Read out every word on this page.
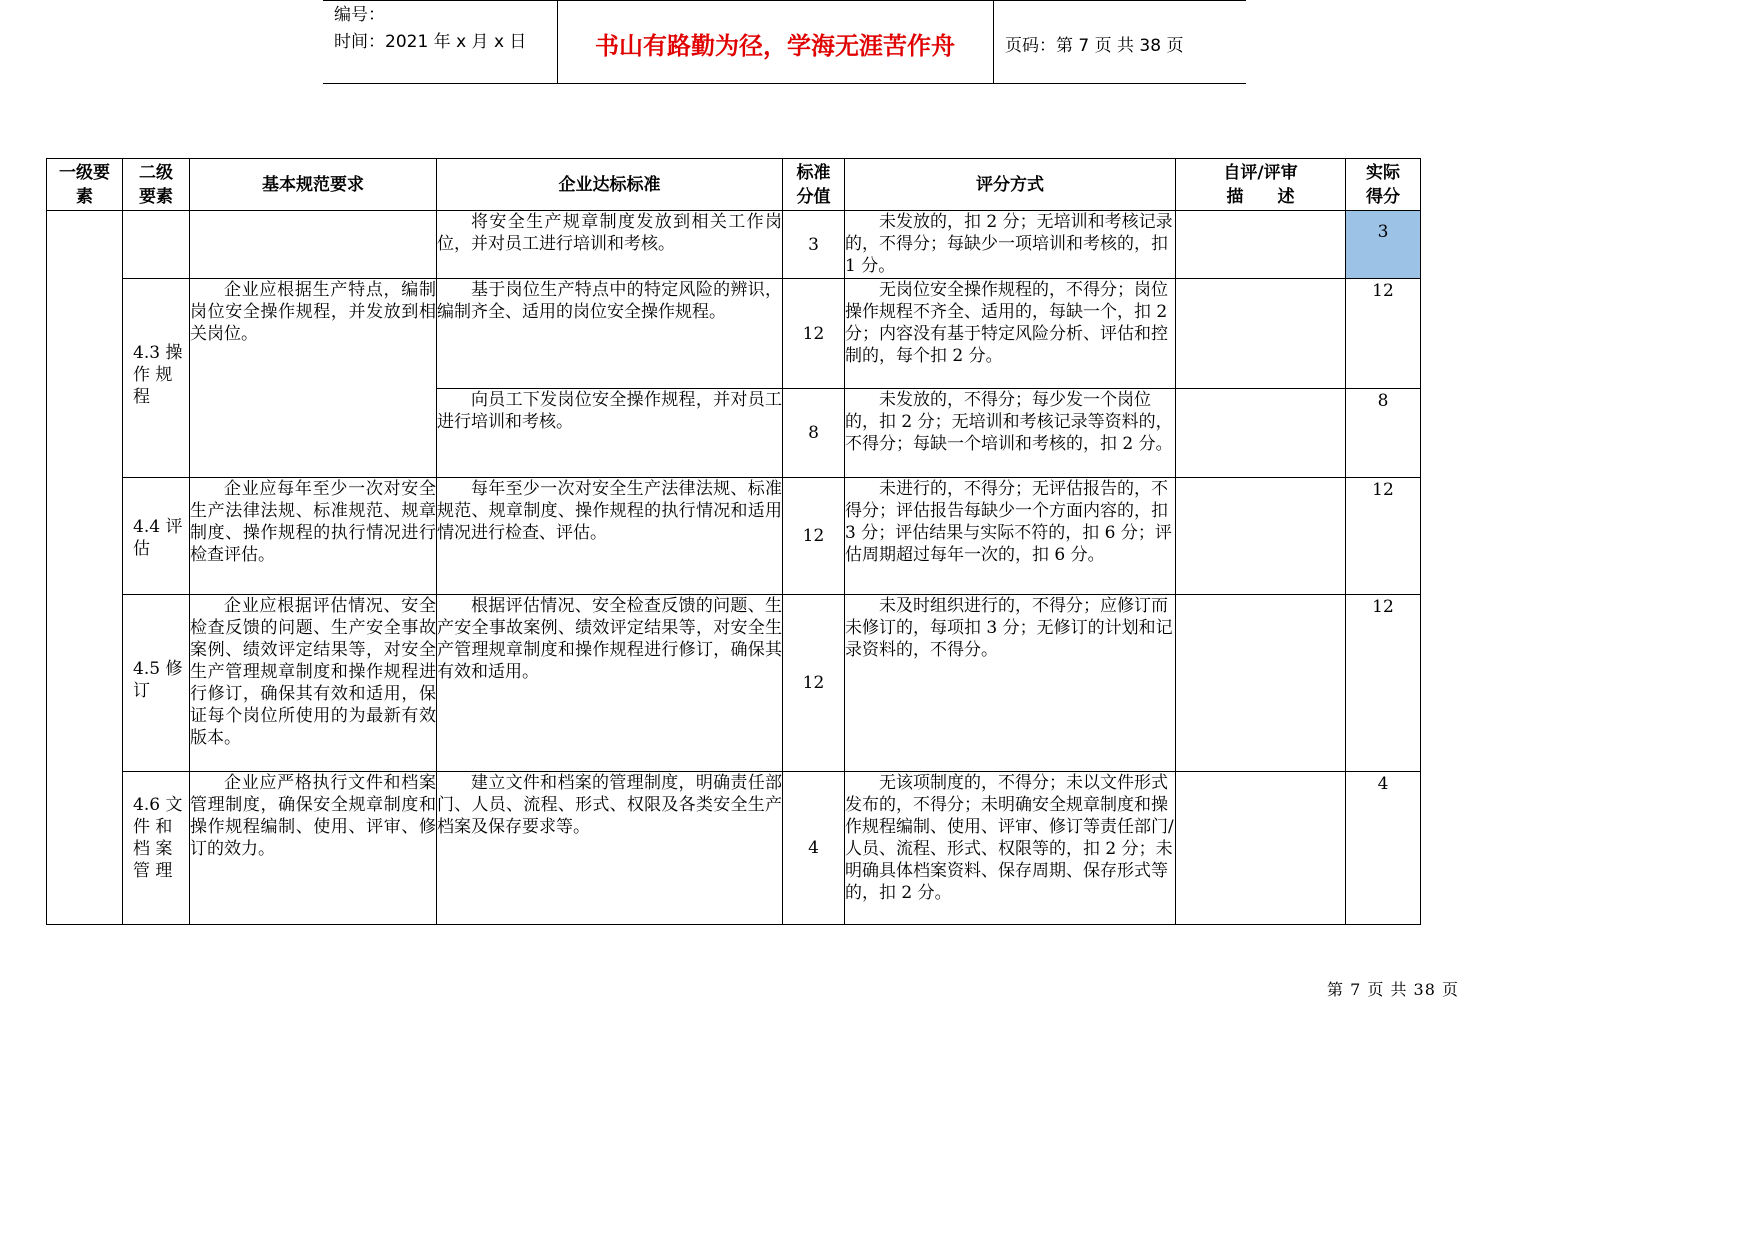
编号：
时间：2021 年 x 月 x 日	书山有路勤为径，学海无涯苦作舟	页码：第 7 页 共 38 页
一级要素	二级要素	基本规范要求	企业达标标准	标准分值	评分方式	自评/评审描　　述	实际得分
			将安全生产规章制度发放到相关工作岗位，并对员工进行培训和考核。	3	未发放的，扣 2 分；无培训和考核记录的，不得分；每缺少一项培训和考核的，扣 1 分。		3
	4.3 操 作 规程	企业应根据生产特点，编制岗位安全操作规程，并发放到相关岗位。	基于岗位生产特点中的特定风险的辨识，编制齐全、适用的岗位安全操作规程。	12	无岗位安全操作规程的，不得分；岗位操作规程不齐全、适用的，每缺一个，扣 2 分；内容没有基于特定风险分析、评估和控制的，每个扣 2 分。		12
			向员工下发岗位安全操作规程，并对员工进行培训和考核。	8	未发放的，不得分；每少发一个岗位的，扣 2 分；无培训和考核记录等资料的，不得分；每缺一个培训和考核的，扣 2 分。		8
	4.4 评估	企业应每年至少一次对安全生产法律法规、标准规范、规章制度、操作规程的执行情况进行检查评估。	每年至少一次对安全生产法律法规、标准规范、规章制度、操作规程的执行情况和适用情况进行检查、评估。	12	未进行的，不得分；无评估报告的，不得分；评估报告每缺少一个方面内容的，扣 3 分；评估结果与实际不符的，扣 6 分；评估周期超过每年一次的，扣 6 分。		12
	4.5 修订	企业应根据评估情况、安全检查反馈的问题、生产安全事故案例、绩效评定结果等，对安全生产管理规章制度和操作规程进行修订，确保其有效和适用，保证每个岗位所使用的为最新有效版本。	根据评估情况、安全检查反馈的问题、生产安全事故案例、绩效评定结果等，对安全生产管理规章制度和操作规程进行修订，确保其有效和适用。	12	未及时组织进行的，不得分；应修订而未修订的，每项扣 3 分；无修订的计划和记录资料的，不得分。		12
	4.6 文 件 和 档 案 管 理	企业应严格执行文件和档案管理制度，确保安全规章制度和操作规程编制、使用、评审、修订的效力。	建立文件和档案的管理制度，明确责任部门、人员、流程、形式、权限及各类安全生产档案及保存要求等。	4	无该项制度的，不得分；未以文件形式发布的，不得分；未明确安全规章制度和操作规程编制、使用、评审、修订等责任部门/人员、流程、形式、权限等的，扣 2 分；未明确具体档案资料、保存周期、保存形式等的，扣 2 分。		4
第 7 页 共 38 页
